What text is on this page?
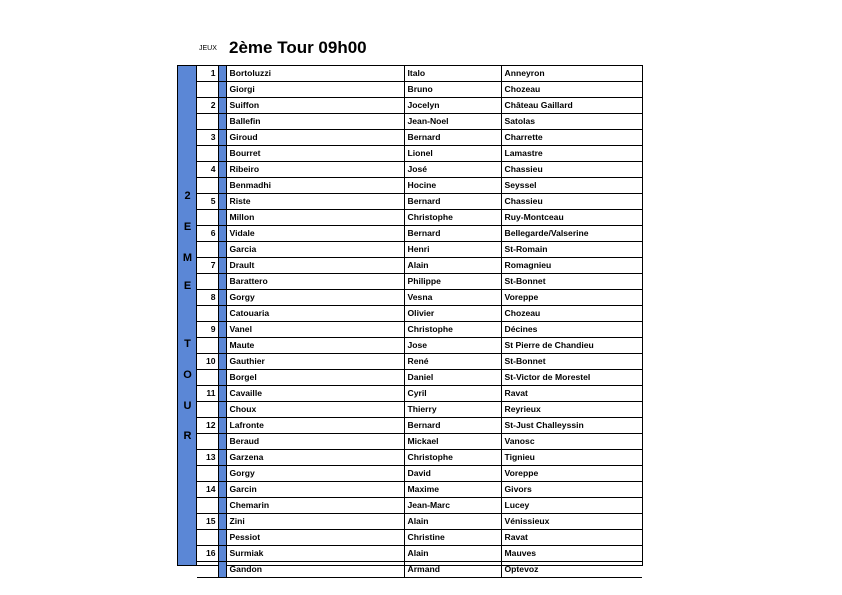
JEUX 2ème Tour 09h00
2
E
M
E
T
O
U
R
1		Bortoluzzi	Italo	Anneyron
		Giorgi	Bruno	Chozeau
2		Suiffon	Jocelyn	Château Gaillard
		Ballefin	Jean-Noel	Satolas
3		Giroud	Bernard	Charrette
		Bourret	Lionel	Lamastre
4		Ribeiro	José	Chassieu
		Benmadhi	Hocine	Seyssel
5		Riste	Bernard	Chassieu
		Millon	Christophe	Ruy-Montceau
6		Vidale	Bernard	Bellegarde/Valserine
		Garcia	Henri	St-Romain
7		Drault	Alain	Romagnieu
		Barattero	Philippe	St-Bonnet
8		Gorgy	Vesna	Voreppe
		Catouaria	Olivier	Chozeau
9		Vanel	Christophe	Décines
		Maute	Jose	St Pierre de Chandieu
10		Gauthier	René	St-Bonnet
		Borgel	Daniel	St-Victor de Morestel
11		Cavaille	Cyril	Ravat
		Choux	Thierry	Reyrieux
12		Lafronte	Bernard	St-Just Challeyssin
		Beraud	Mickael	Vanosc
13		Garzena	Christophe	Tignieu
		Gorgy	David	Voreppe
14		Garcin	Maxime	Givors
		Chemarin	Jean-Marc	Lucey
15		Zini	Alain	Vénissieux
		Pessiot	Christine	Ravat
16		Surmiak	Alain	Mauves
		Gandon	Armand	Optevoz
